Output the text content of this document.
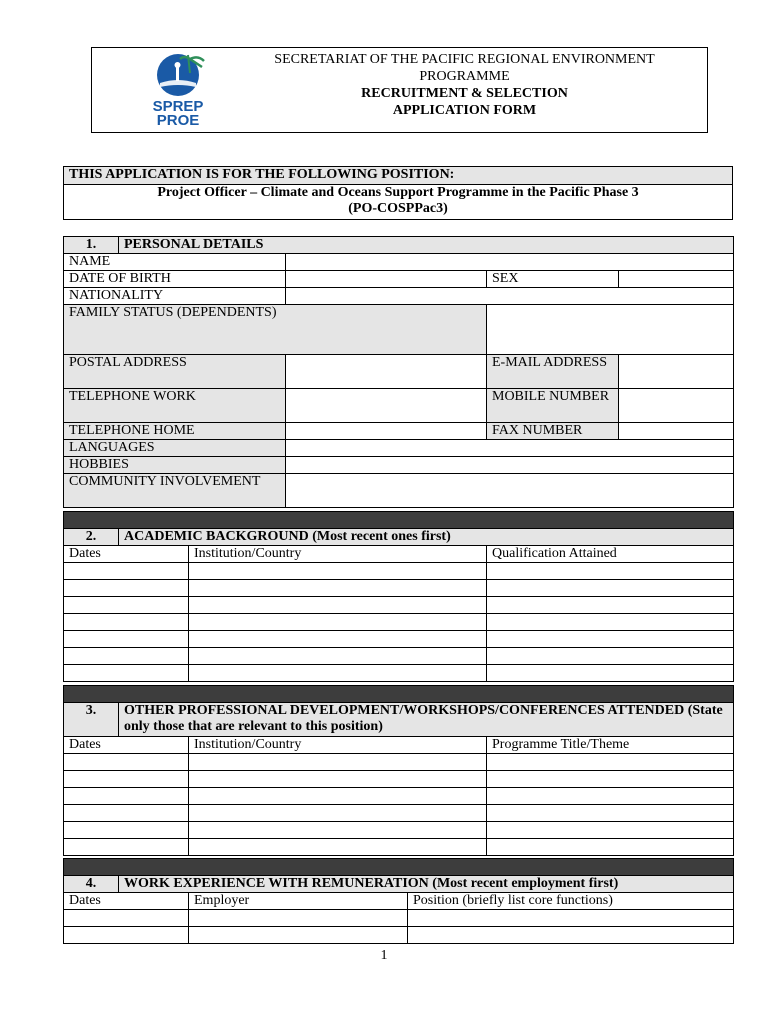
SPREP
PROE
SECRETARIAT OF THE PACIFIC REGIONAL ENVIRONMENT
PROGRAMME
RECRUITMENT & SELECTION
APPLICATION FORM
THIS APPLICATION IS FOR THE FOLLOWING POSITION:

Project Officer – Climate and Oceans Support Programme in the Pacific Phase 3
(PO-COSPPac3)
1.	PERSONAL DETAILS			
NAME				
DATE OF BIRTH			SEX	
NATIONALITY				
FAMILY STATUS (DEPENDENTS)				
POSTAL ADDRESS			E-MAIL ADDRESS	
TELEPHONE WORK			MOBILE NUMBER	
TELEPHONE HOME			FAX NUMBER	
LANGUAGES				
HOBBIES				
COMMUNITY INVOLVEMENT				

2.	ACADEMIC BACKGROUND (Most recent ones first)		
Dates		Institution/Country	Qualification Attained

3.	OTHER PROFESSIONAL DEVELOPMENT/WORKSHOPS/CONFERENCES ATTENDED (State only those that are relevant to this position)		
Dates		Institution/Country	Programme Title/Theme

4.	WORK EXPERIENCE WITH REMUNERATION (Most recent employment first)		
Dates		Employer	Position (briefly list core functions)

1
